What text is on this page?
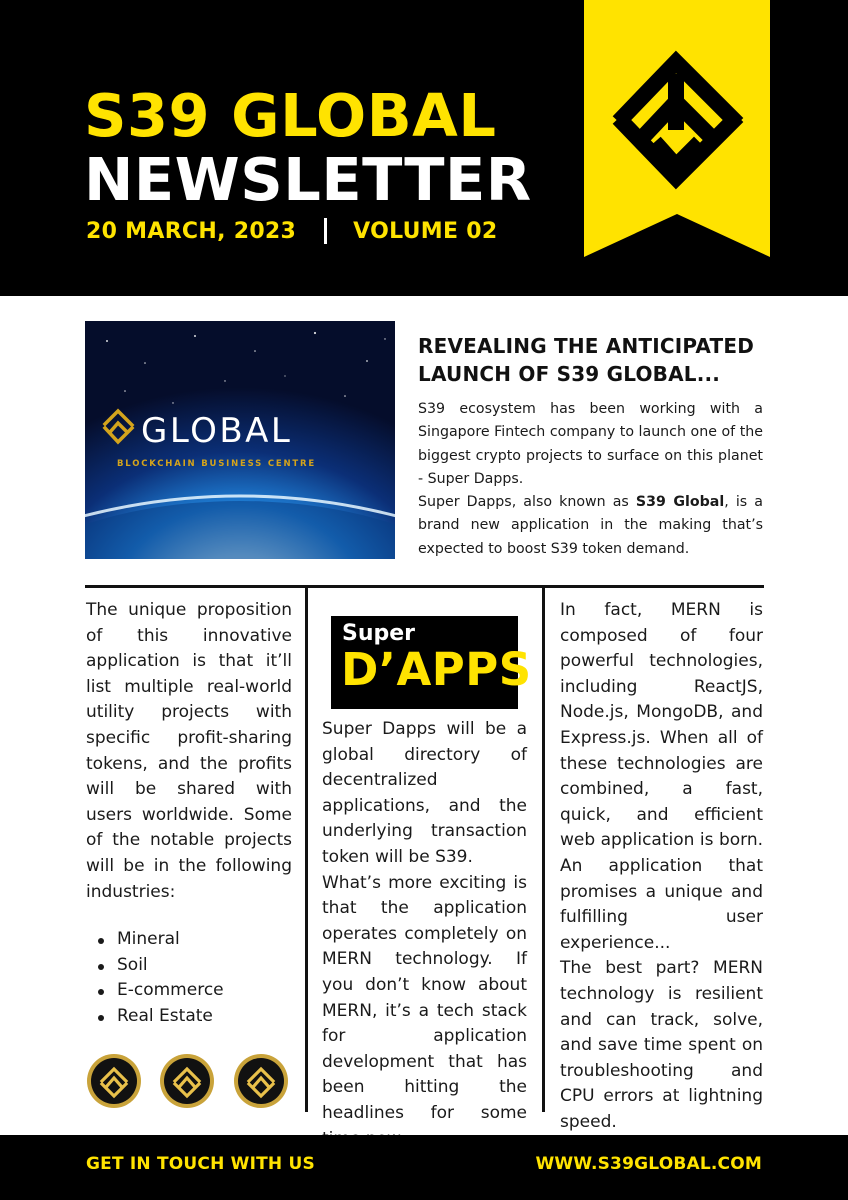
S39 GLOBAL
NEWSLETTER
20 MARCH, 2023	VOLUME 02
GLOBAL
BLOCKCHAIN BUSINESS CENTRE
REVEALING THE ANTICIPATED LAUNCH OF S39 GLOBAL...

S39 ecosystem has been working with a Singapore Fintech company to launch one of the biggest crypto projects to surface on this planet - Super Dapps.

Super Dapps, also known as S39 Global, is a brand new application in the making that’s expected to boost S39 token demand.

The unique proposition of this innovative application is that it’ll list multiple real-world utility projects with specific profit-sharing tokens, and the profits will be shared with users worldwide. Some of the notable projects will be in the following industries:

Mineral
Soil
E-commerce
Real Estate
Super
D’APPS

Super Dapps will be a global directory of decentralized applications, and the underlying transaction token will be S39.

What’s more exciting is that the application operates completely on MERN technology. If you don’t know about MERN, it’s a tech stack for application development that has been hitting the headlines for some

In fact, MERN is composed of four powerful technologies, including ReactJS, Node.js, MongoDB, and Express.js. When all of these technologies are combined, a fast, quick, and efficient web application is born. An application that promises a unique and fulfilling user experience...

The best part? MERN technology is resilient and can track, solve, and save time spent on troubleshooting and CPU errors at lightning speed.

GET IN TOUCH WITH US	WWW.S39GLOBAL.COM
